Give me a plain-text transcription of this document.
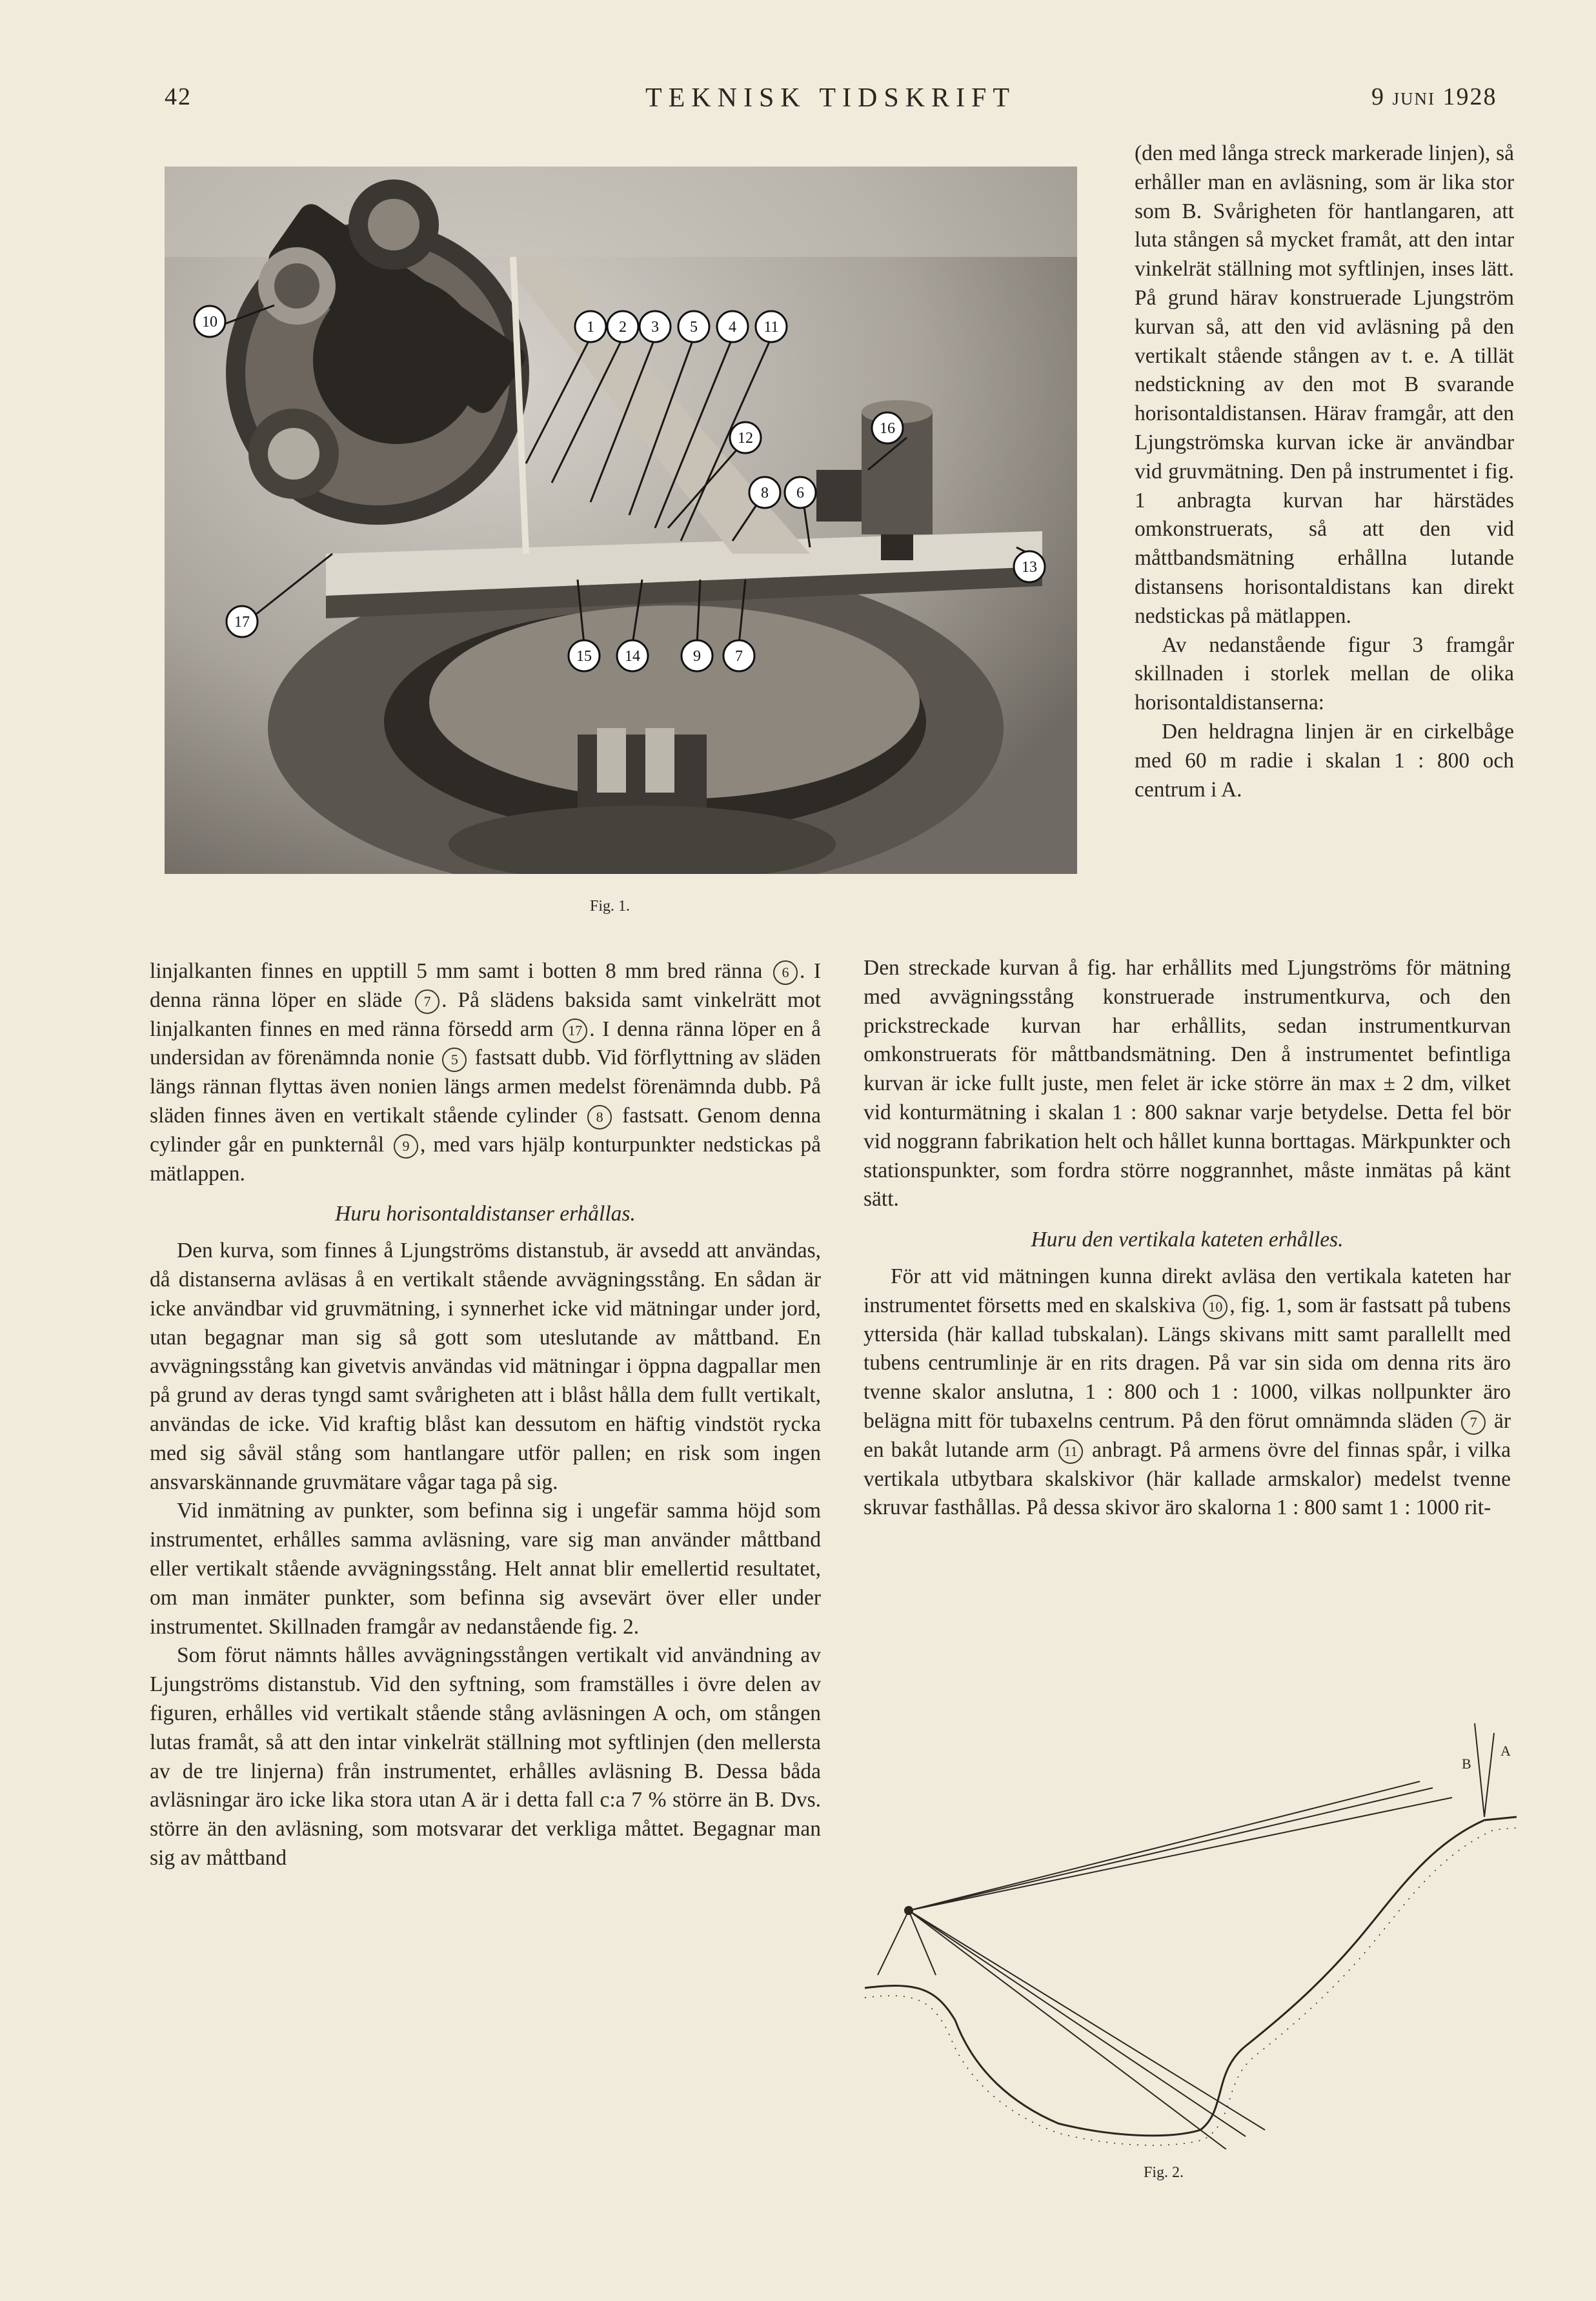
42	TEKNISK TIDSKRIFT	9 juni 1928
10	1 2 3 5 4 11
12
16
8 6
13
17
15 14	9 7
Fig. 1.

(den med långa streck markerade linjen), så erhåller man en avläsning, som är lika stor som B. Svårigheten för hantlangaren, att luta stången så mycket framåt, att den intar vinkelrät ställning mot syftlinjen, inses lätt. På grund härav konstruerade Ljungström kurvan så, att den vid avläsning på den vertikalt stående stången av t. e. A tillät nedstickning av den mot B svarande horisontaldistansen. Härav framgår, att den Ljungströmska kurvan icke är användbar vid gruvmätning. Den på instrumentet i fig. 1 anbragta kurvan har härstädes omkonstruerats, så att den vid måttbandsmätning erhållna lutande distansens horisontaldistans kan direkt nedstickas på mätlappen.

Av nedanstående figur 3 framgår skillnaden i storlek mellan de olika horisontaldistanserna:

Den heldragna linjen är en cirkelbåge med 60 m radie i skalan 1 : 800 och centrum i A.

linjalkanten finnes en upptill 5 mm samt i botten 8 mm bred ränna 6 . I denna ränna löper en släde 7 . På slädens baksida samt vinkelrätt mot linjalkanten finnes en med ränna försedd arm 17 . I denna ränna löper en å undersidan av förenämnda nonie 5 fastsatt dubb. Vid förflyttning av släden längs rännan flyttas även nonien längs armen medelst förenämnda dubb. På släden finnes även en vertikalt stående cylinder 8 fastsatt. Genom denna cylinder går en punkternål 9 , med vars hjälp konturpunkter nedstickas på mätlappen.

Huru horisontaldistanser erhållas.

Den kurva, som finnes å Ljungströms distanstub, är avsedd att användas, då distanserna avläsas å en vertikalt stående avvägningsstång. En sådan är icke användbar vid gruvmätning, i synnerhet icke vid mätningar under jord, utan begagnar man sig så gott som uteslutande av måttband. En avvägningsstång kan givetvis användas vid mätningar i öppna dagpallar men på grund av deras tyngd samt svårigheten att i blåst hålla dem fullt vertikalt, användas de icke. Vid kraftig blåst kan dessutom en häftig vindstöt rycka med sig såväl stång som hantlangare utför pallen; en risk som ingen ansvarskännande gruvmätare vågar taga på sig.

Vid inmätning av punkter, som befinna sig i ungefär samma höjd som instrumentet, erhålles samma avläsning, vare sig man använder måttband eller vertikalt stående avvägningsstång. Helt annat blir emellertid resultatet, om man inmäter punkter, som befinna sig avsevärt över eller under instrumentet. Skillnaden framgår av nedanstående fig. 2.

Som förut nämnts hålles avvägningsstången vertikalt vid användning av Ljungströms distanstub. Vid den syftning, som framställes i övre delen av figuren, erhålles vid vertikalt stående stång avläsningen A och, om stången lutas framåt, så att den intar vinkelrät ställning mot syftlinjen (den mellersta av de tre linjerna) från instrumentet, erhålles avläsning B. Dessa båda avläsningar äro icke lika stora utan A är i detta fall c:a 7 % större än B. Dvs. större än den avläsning, som motsvarar det verkliga måttet. Begagnar man sig av måttband

Den streckade kurvan å fig. har erhållits med Ljungströms för mätning med avvägningsstång konstruerade instrumentkurva, och den prickstreckade kurvan har erhållits, sedan instrumentkurvan omkonstruerats för måttbandsmätning. Den å instrumentet befintliga kurvan är icke fullt juste, men felet är icke större än max ± 2 dm, vilket vid konturmätning i skalan 1 : 800 saknar varje betydelse. Detta fel bör vid noggrann fabrikation helt och hållet kunna borttagas. Märkpunkter och stationspunkter, som fordra större noggrannhet, måste inmätas på känt sätt.

Huru den vertikala kateten erhålles.

För att vid mätningen kunna direkt avläsa den vertikala kateten har instrumentet försetts med en skalskiva 10 , fig. 1, som är fastsatt på tubens yttersida (här kallad tubskalan). Längs skivans mitt samt parallellt med tubens centrumlinje är en rits dragen. På var sin sida om denna rits äro tvenne skalor anslutna, 1 : 800 och 1 : 1000, vilkas nollpunkter äro belägna mitt för tubaxelns centrum. På den förut omnämnda släden 7 är en bakåt lutande arm 11 anbragt. På armens övre del finnas spår, i vilka vertikala utbytbara skalskivor (här kallade armskalor) medelst tvenne skruvar fasthållas. På dessa skivor äro skalorna 1 : 800 samt 1 : 1000 rit-

B
A
Fig. 2.
